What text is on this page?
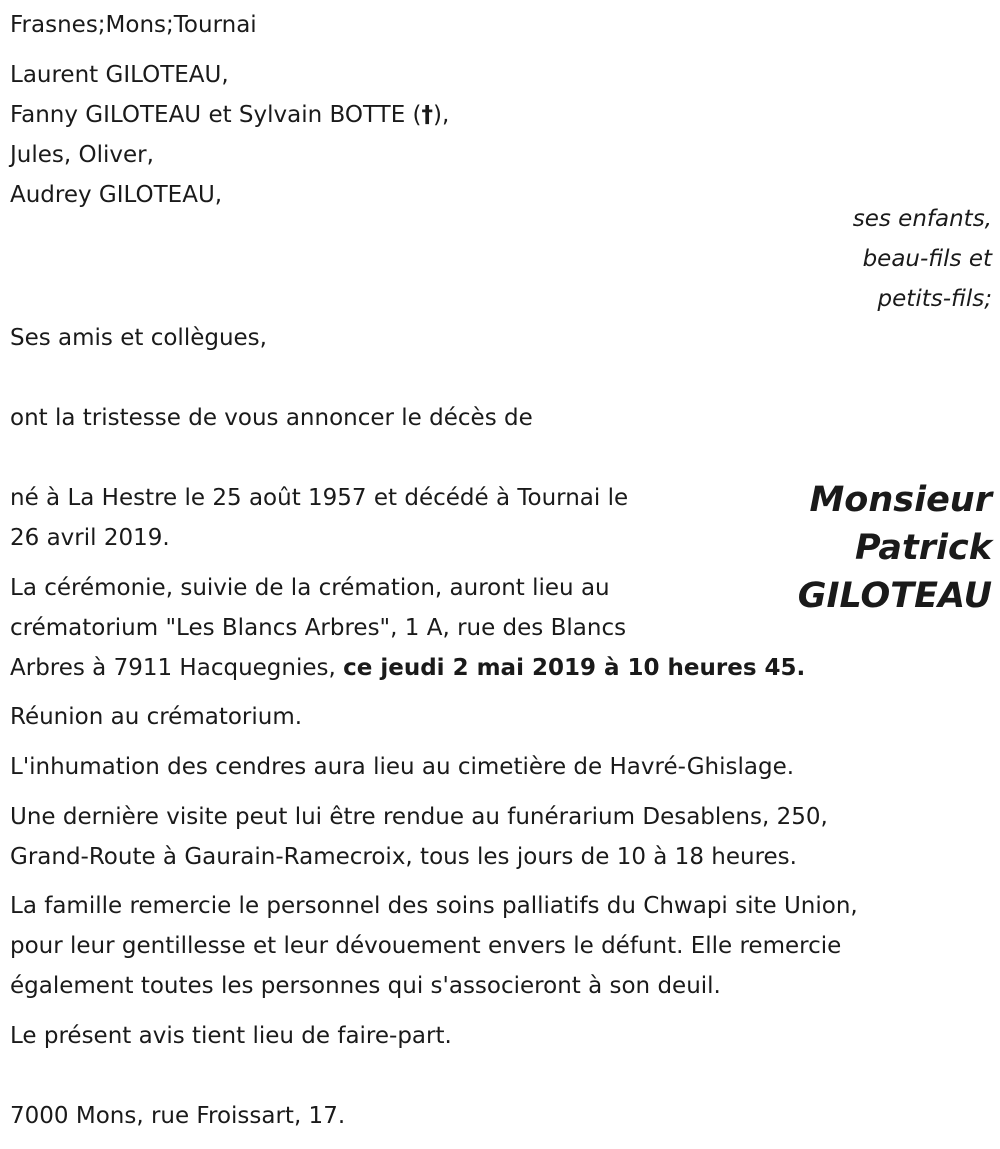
Frasnes;Mons;Tournai

Laurent GILOTEAU,

Fanny GILOTEAU et Sylvain BOTTE (†),

Jules, Oliver,

Audrey GILOTEAU,

ses enfants,

beau-fils et

petits-fils;

Ses amis et collègues,

ont la tristesse de vous annoncer le décès de

Monsieur
Patrick
GILOTEAU

né à La Hestre le 25 août 1957 et décédé à Tournai le

26 avril 2019.

La cérémonie, suivie de la crémation, auront lieu au

crématorium "Les Blancs Arbres", 1 A, rue des Blancs

Arbres à 7911 Hacquegnies, ce jeudi 2 mai 2019 à 10 heures 45.

Réunion au crématorium.

L'inhumation des cendres aura lieu au cimetière de Havré-Ghislage.

Une dernière visite peut lui être rendue au funérarium Desablens, 250,

Grand-Route à Gaurain-Ramecroix, tous les jours de 10 à 18 heures.

La famille remercie le personnel des soins palliatifs du Chwapi site Union,

pour leur gentillesse et leur dévouement envers le défunt. Elle remercie

également toutes les personnes qui s'associeront à son deuil.

Le présent avis tient lieu de faire-part.

7000 Mons, rue Froissart, 17.
